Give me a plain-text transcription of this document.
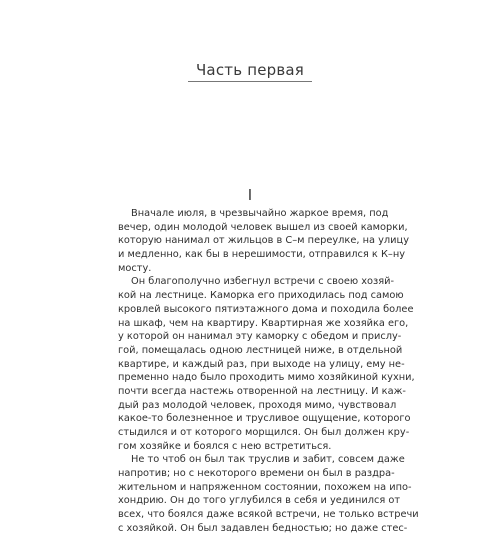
Часть первая
I
Вначале июля, в чрезвычайно жаркое время, под
вечер, один молодой человек вышел из своей каморки,
которую нанимал от жильцов в С–м переулке, на улицу
и медленно, как бы в нерешимости, отправился к К–ну
мосту.
Он благополучно избегнул встречи с своею хозяй-
кой на лестнице. Каморка его приходилась под самою
кровлей высокого пятиэтажного дома и походила более
на шкаф, чем на квартиру. Квартирная же хозяйка его,
у которой он нанимал эту каморку с обедом и прислу-
гой, помещалась одною лестницей ниже, в отдельной
квартире, и каждый раз, при выходе на улицу, ему не-
пременно надо было проходить мимо хозяйкиной кухни,
почти всегда настежь отворенной на лестницу. И каж-
дый раз молодой человек, проходя мимо, чувствовал
какое-то болезненное и трусливое ощущение, которого
стыдился и от которого морщился. Он был должен кру-
гом хозяйке и боялся с нею встретиться.
Не то чтоб он был так труслив и забит, совсем даже
напротив; но с некоторого времени он был в раздра-
жительном и напряженном состоянии, похожем на ипо-
хондрию. Он до того углубился в себя и уединился от
всех, что боялся даже всякой встречи, не только встречи
с хозяйкой. Он был задавлен бедностью; но даже стес-
